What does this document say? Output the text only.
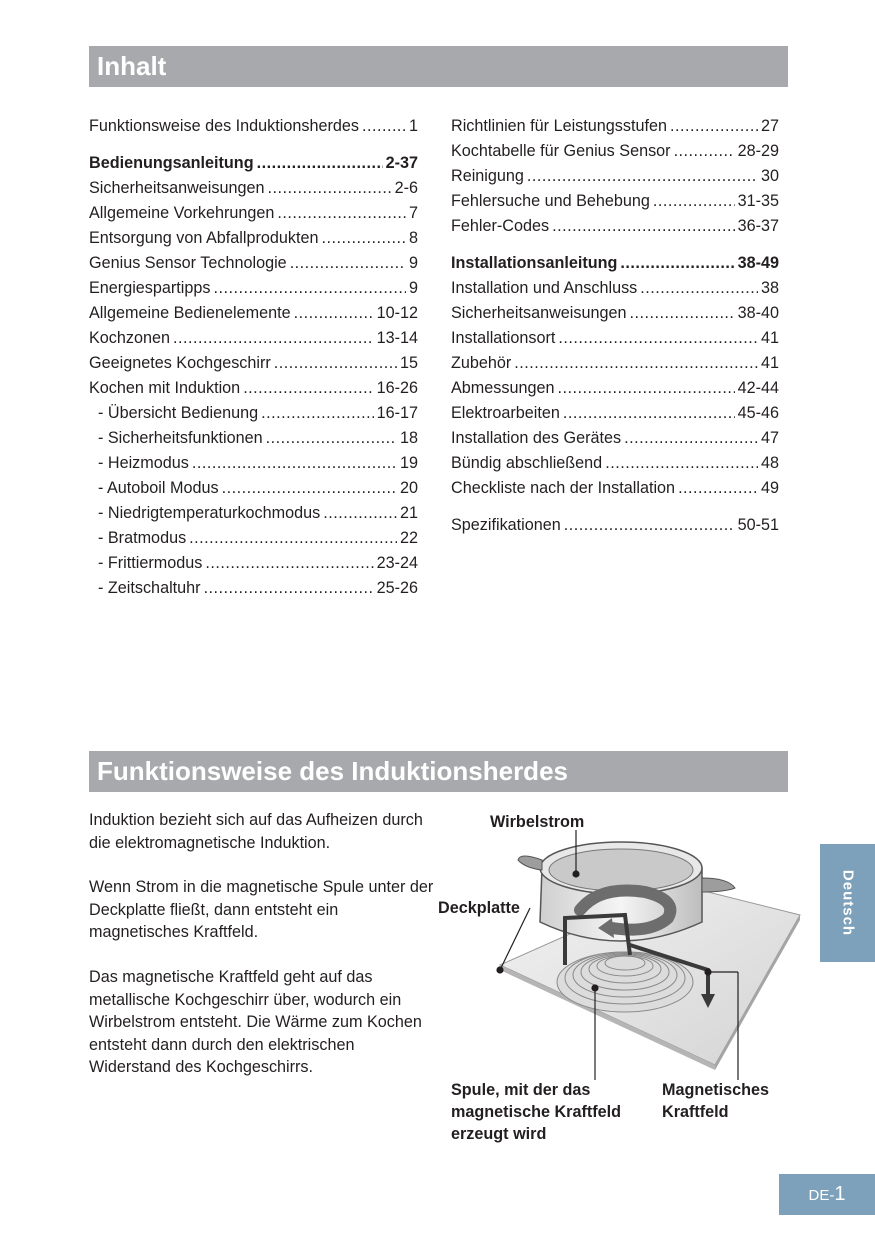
Inhalt
Funktionsweise des Induktionsherdes .....	1
Bedienungsanleitung .....	2-37
Sicherheitsanweisungen .....	2-6
Allgemeine Vorkehrungen .....	7
Entsorgung von Abfallprodukten .....	8
Genius Sensor Technologie .....	9
Energiespartipps .....	9
Allgemeine Bedienelemente .....	10-12
Kochzonen .....	13-14
Geeignetes Kochgeschirr .....	15
Kochen mit Induktion .....	16-26
- Übersicht Bedienung .....	16-17
- Sicherheitsfunktionen .....	18
- Heizmodus .....	19
- Autoboil Modus .....	20
- Niedrigtemperaturkochmodus .....	21
- Bratmodus .....	22
- Frittiermodus .....	23-24
- Zeitschaltuhr .....	25-26
Richtlinien für Leistungsstufen .....	27
Kochtabelle für Genius Sensor .....	28-29
Reinigung .....	30
Fehlersuche und Behebung .....	31-35
Fehler-Codes .....	36-37
Installationsanleitung .....	38-49
Installation und Anschluss .....	38
Sicherheitsanweisungen .....	38-40
Installationsort .....	41
Zubehör .....	41
Abmessungen .....	42-44
Elektroarbeiten .....	45-46
Installation des Gerätes .....	47
Bündig abschließend .....	48
Checkliste nach der Installation .....	49
Spezifikationen .....	50-51
Funktionsweise des Induktionsherdes

Induktion bezieht sich auf das Aufheizen durch die elektromagnetische Induktion.

Wenn Strom in die magnetische Spule unter der Deckplatte fließt, dann entsteht ein magnetisches Kraftfeld.

Das magnetische Kraftfeld geht auf das metallische Kochgeschirr über, wodurch ein Wirbelstrom entsteht. Die Wärme zum Kochen entsteht dann durch den elektrischen Widerstand des Kochgeschirrs.

Wirbelstrom
Deckplatte
Spule, mit der das
magnetische Kraftfeld
erzeugt wird
Magnetisches
Kraftfeld
Deutsch
DE-1
